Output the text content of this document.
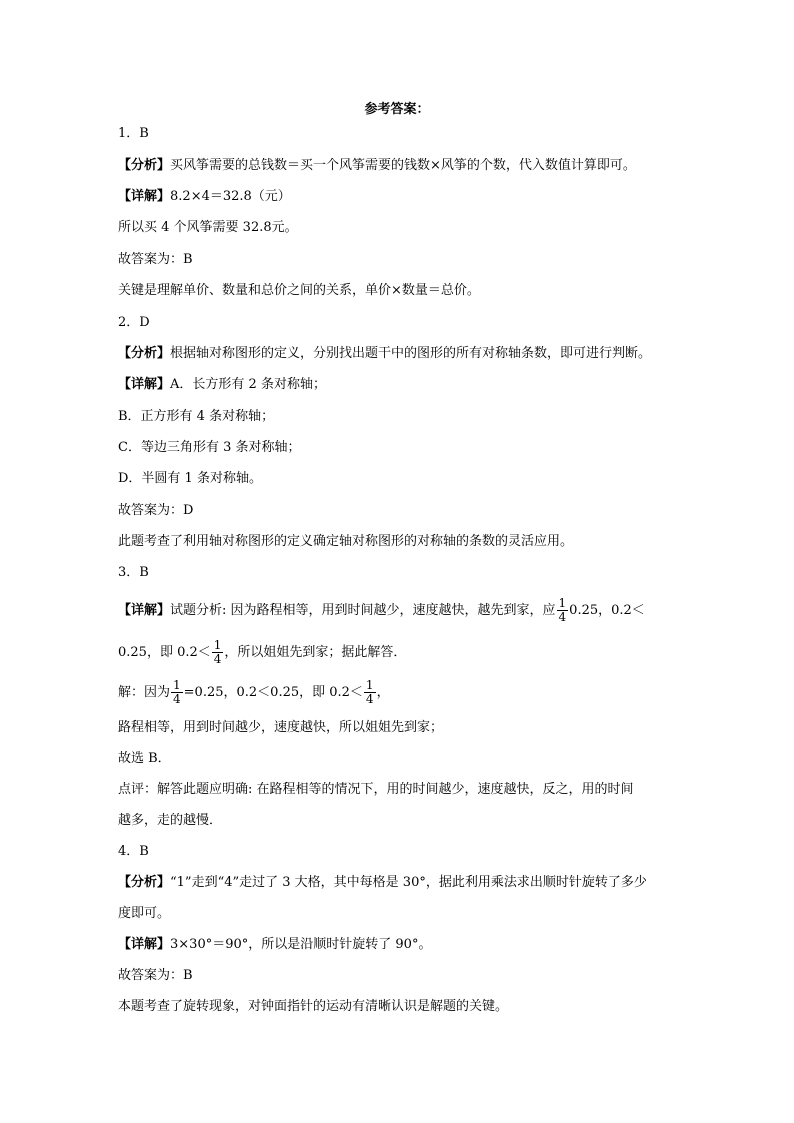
参考答案：
1．B
【分析】买风筝需要的总钱数＝买一个风筝需要的钱数×风筝的个数，代入数值计算即可。
【详解】8.2×4＝32.8（元）
所以买 4 个风筝需要 32.8元。
故答案为：B
关键是理解单价、数量和总价之间的关系，单价×数量＝总价。
2．D
【分析】根据轴对称图形的定义，分别找出题干中的图形的所有对称轴条数，即可进行判断。
【详解】A．长方形有 2 条对称轴；
B．正方形有 4 条对称轴；
C．等边三角形有 3 条对称轴；
D．半圆有 1 条对称轴。
故答案为：D
此题考查了利用轴对称图形的定义确定轴对称图形的对称轴的条数的灵活应用。
3．B
【详解】试题分析: 因为路程相等，用到时间越少，速度越快，越先到家，应 $\frac{1}{4} 0.25$，0.2＜
0.25，即 $0.2< \frac{1}{4}$ ，所以姐姐先到家；据此解答．
解：因为 $\frac{1}{4} =0.25$，0.2＜0.25，即 $0.2< \frac{1}{4}$ ，
路程相等，用到时间越少，速度越快，所以姐姐先到家；
故选 B．
点评：解答此题应明确: 在路程相等的情况下，用的时间越少，速度越快，反之，用的时间
越多，走的越慢．
4．B
【分析】“1”走到“4”走过了 3 大格，其中每格是 30°，据此利用乘法求出顺时针旋转了多少
度即可。
【详解】3×30°＝90°，所以是沿顺时针旋转了 90°。
故答案为：B
本题考查了旋转现象，对钟面指针的运动有清晰认识是解题的关键。
